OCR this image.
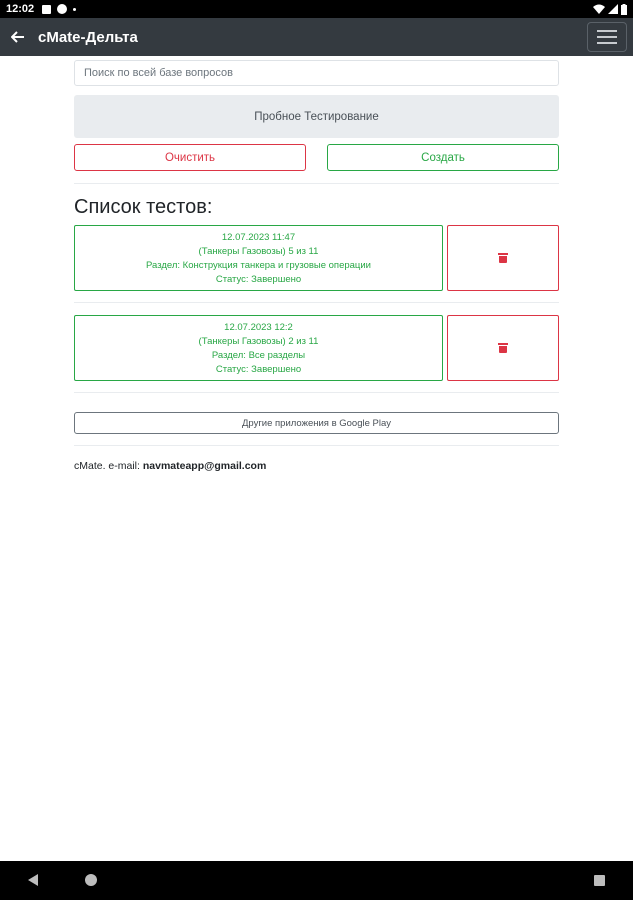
12:02
cMate-Дельта
Поиск по всей базе вопросов
Пробное Тестирование
Очистить	Создать
Список тестов:
12.07.2023 11:47
(Танкеры Газовозы) 5 из 11
Раздел: Конструкция танкера и грузовые операции
Статус: Завершено
12.07.2023 12:2
(Танкеры Газовозы) 2 из 11
Раздел: Все разделы
Статус: Завершено
Другие приложения в Google Play
cMate. e-mail: navmateapp@gmail.com
